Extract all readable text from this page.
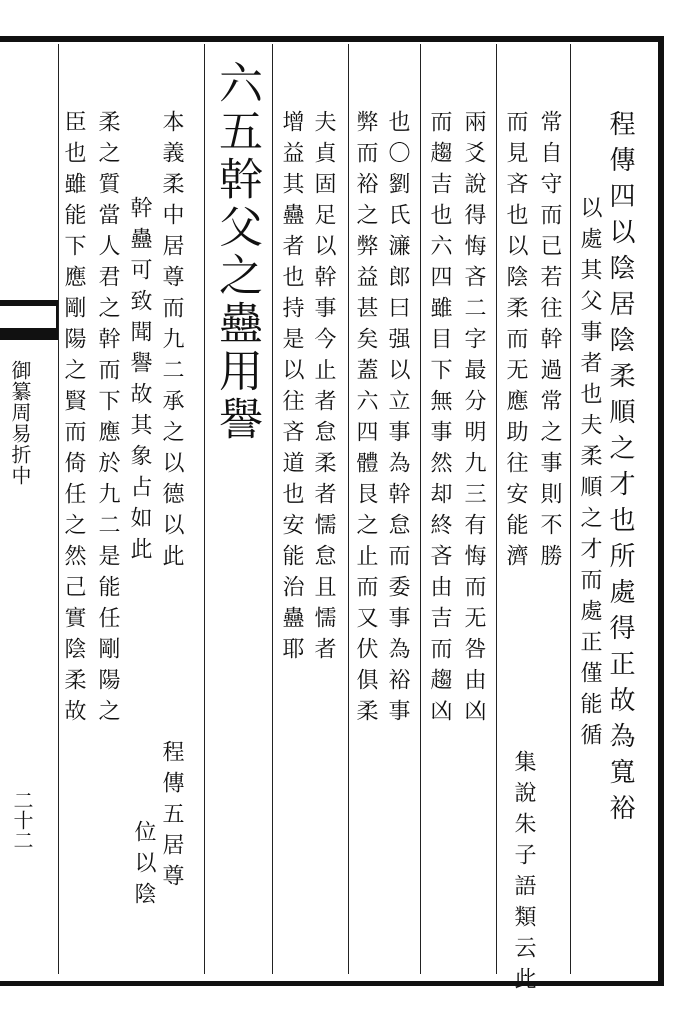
御纂周易折中
二十二	程傳四以陰居陰柔順之才也所處得正故為寬裕
以處其父事者也夫柔順之才而處正僅能循
常自守而已若往幹過常之事則不勝
而見吝也以陰柔而无應助往安能濟
集說朱子語類云此
兩爻說得悔吝二字最分明九三有悔而无咎由凶
而趨吉也六四雖目下無事然却終吝由吉而趨凶
也〇劉氏濓郎曰强以立事為幹怠而委事為裕事
弊而裕之弊益甚矣蓋六四體艮之止而又伏俱柔
夫貞固足以幹事今止者怠柔者懦怠且懦者
增益其蠱者也持是以往吝道也安能治蠱耶
六五幹父之蠱用譽
本義柔中居尊而九二承之以德以此
幹蠱可致聞譽故其象占如此
程傳五居尊
位以陰
柔之質當人君之幹而下應於九二是能任剛陽之
臣也雖能下應剛陽之賢而倚任之然己實陰柔故
